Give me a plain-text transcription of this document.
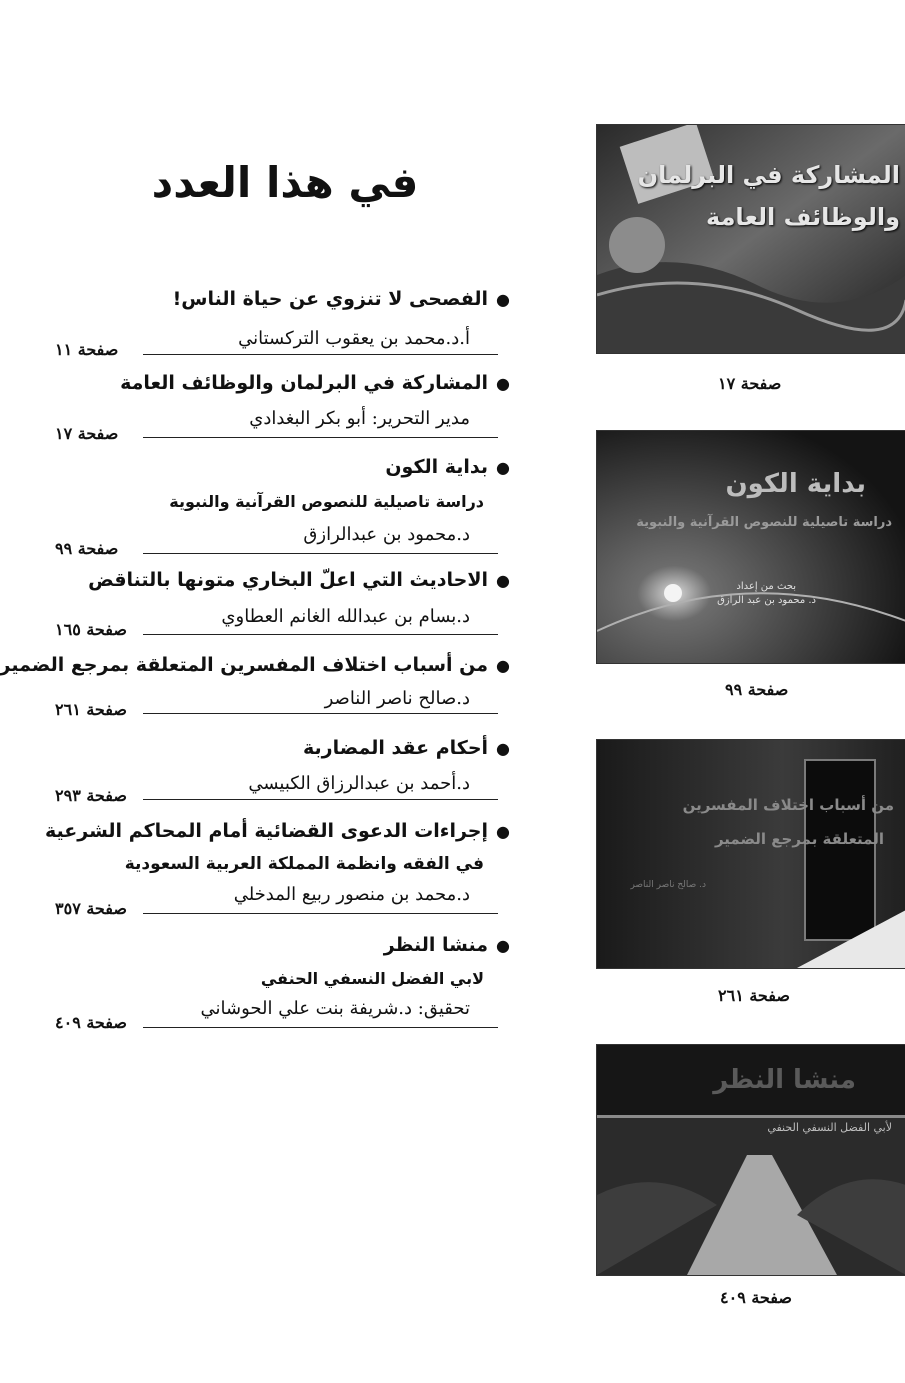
في هذا العدد
●الفصحى لا تنزوي عن حياة الناس!
أ.د.محمد بن يعقوب التركستاني
صفحة ١١
●المشاركة في البرلمان والوظائف العامة
مدير التحرير: أبو بكر البغدادي
صفحة ١٧
●بداية الكون
دراسة تاصيلية للنصوص القرآنية والنبوية
د.محمود بن عبدالرازق
صفحة ٩٩
●الاحاديث التي اعلّ البخاري متونها بالتناقض
د.بسام بن عبدالله الغانم العطاوي
صفحة ١٦٥
●من أسباب اختلاف المفسرين المتعلقة بمرجع الضمير
د.صالح ناصر الناصر
صفحة ٢٦١
●أحكام عقد المضاربة
د.أحمد بن عبدالرزاق الكبيسي
صفحة ٢٩٣
●إجراءات الدعوى القضائية أمام المحاكم الشرعية
في الفقه وانظمة المملكة العربية السعودية
د.محمد بن منصور ربيع المدخلي
صفحة ٣٥٧
●منشا النظر
لابي الفضل النسفي الحنفي
تحقيق: د.شريفة بنت علي الحوشاني
صفحة ٤٠٩
المشاركة في البرلمان
والوظائف العامة
صفحة ١٧
بداية الكون
دراسة تاصيلية للنصوص القرآنية والنبوية
بحث من إعداد
د. محمود بن عبد الرازق
صفحة ٩٩
من أسباب اختلاف المفسرين
المتعلقة بمرجع الضمير
د. صالح ناصر الناصر
صفحة ٢٦١
منشا النظر
لأبي الفضل النسفي الحنفي
صفحة ٤٠٩
